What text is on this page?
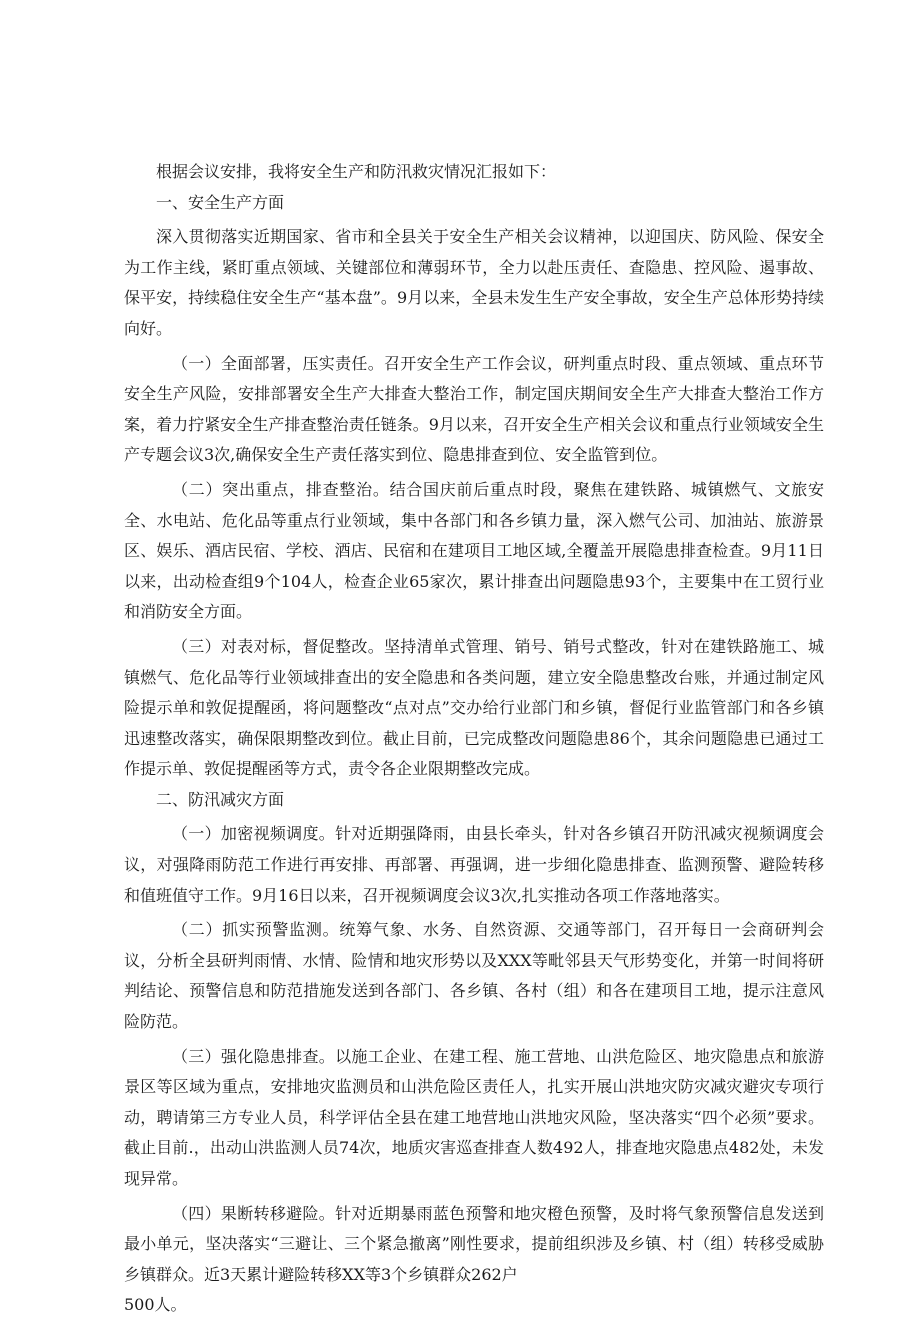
根据会议安排，我将安全生产和防汛救灾情况汇报如下：

一、安全生产方面

深入贯彻落实近期国家、省市和全县关于安全生产相关会议精神，以迎国庆、防风险、保安全为工作主线，紧盯重点领域、关键部位和薄弱环节，全力以赴压责任、查隐患、控风险、遏事故、保平安，持续稳住安全生产“基本盘”。9月以来，全县未发生生产安全事故，安全生产总体形势持续向好。

（一）全面部署，压实责任。召开安全生产工作会议，研判重点时段、重点领域、重点环节安全生产风险，安排部署安全生产大排查大整治工作，制定国庆期间安全生产大排查大整治工作方案，着力拧紧安全生产排查整治责任链条。9月以来，召开安全生产相关会议和重点行业领域安全生产专题会议3次,确保安全生产责任落实到位、隐患排查到位、安全监管到位。

（二）突出重点，排查整治。结合国庆前后重点时段，聚焦在建铁路、城镇燃气、文旅安全、水电站、危化品等重点行业领域，集中各部门和各乡镇力量，深入燃气公司、加油站、旅游景区、娱乐、酒店民宿、学校、酒店、民宿和在建项目工地区域,全覆盖开展隐患排查检查。9月11日以来，出动检查组9个104人，检查企业65家次，累计排查出问题隐患93个，主要集中在工贸行业和消防安全方面。

（三）对表对标，督促整改。坚持清单式管理、销号、销号式整改，针对在建铁路施工、城镇燃气、危化品等行业领域排查出的安全隐患和各类问题，建立安全隐患整改台账，并通过制定风险提示单和敦促提醒函，将问题整改“点对点”交办给行业部门和乡镇，督促行业监管部门和各乡镇迅速整改落实，确保限期整改到位。截止目前，已完成整改问题隐患86个，其余问题隐患已通过工作提示单、敦促提醒函等方式，责令各企业限期整改完成。

二、防汛减灾方面

（一）加密视频调度。针对近期强降雨，由县长牵头，针对各乡镇召开防汛减灾视频调度会议，对强降雨防范工作进行再安排、再部署、再强调，进一步细化隐患排查、监测预警、避险转移和值班值守工作。9月16日以来，召开视频调度会议3次,扎实推动各项工作落地落实。

（二）抓实预警监测。统筹气象、水务、自然资源、交通等部门，召开每日一会商研判会议，分析全县研判雨情、水情、险情和地灾形势以及XXX等毗邻县天气形势变化，并第一时间将研判结论、预警信息和防范措施发送到各部门、各乡镇、各村（组）和各在建项目工地，提示注意风险防范。

（三）强化隐患排查。以施工企业、在建工程、施工营地、山洪危险区、地灾隐患点和旅游景区等区域为重点，安排地灾监测员和山洪危险区责任人，扎实开展山洪地灾防灾减灾避灾专项行动，聘请第三方专业人员，科学评估全县在建工地营地山洪地灾风险，坚决落实“四个必须”要求。截止目前.，出动山洪监测人员74次，地质灾害巡查排查人数492人，排查地灾隐患点482处，未发现异常。

（四）果断转移避险。针对近期暴雨蓝色预警和地灾橙色预警，及时将气象预警信息发送到最小单元，坚决落实“三避让、三个紧急撤离”刚性要求，提前组织涉及乡镇、村（组）转移受威胁乡镇群众。近3天累计避险转移XX等3个乡镇群众262户

500人。
